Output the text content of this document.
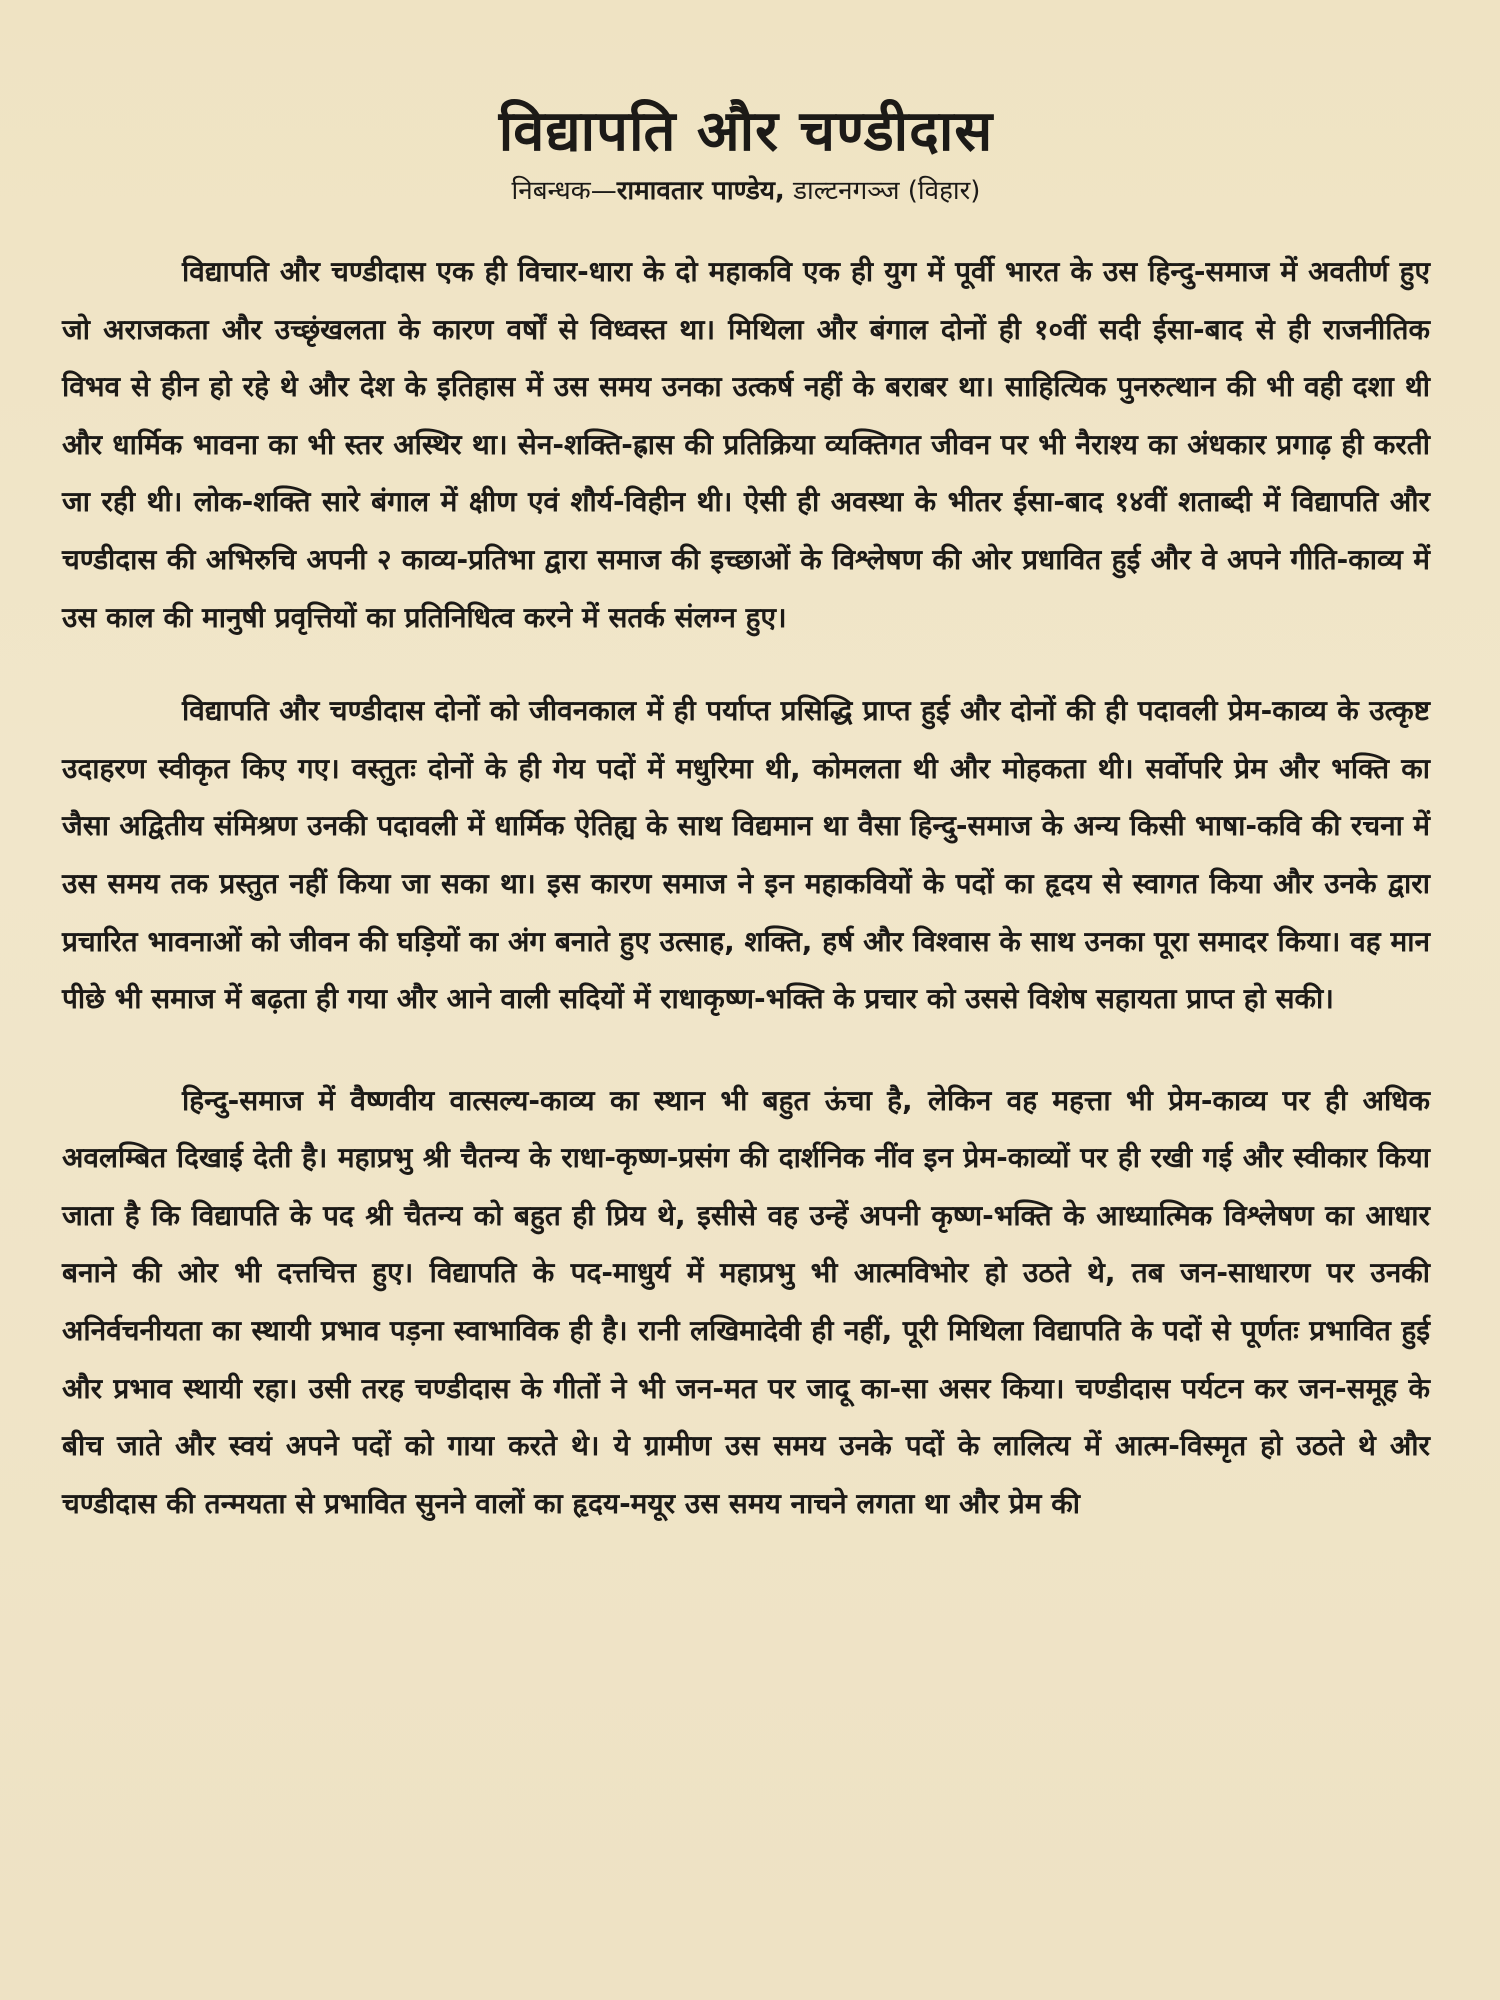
विद्यापति और चण्डीदास
निबन्धक—रामावतार पाण्डेय, डाल्टनगञ्ज (विहार)

विद्यापति और चण्डीदास एक ही विचार-धारा के दो महाकवि एक ही युग में पूर्वी भारत के उस हिन्दु-समाज में अवतीर्ण हुए जो अराजकता और उच्छृंखलता के कारण वर्षों से विध्वस्त था। मिथिला और बंगाल दोनों ही १०वीं सदी ईसा-बाद से ही राजनीतिक विभव से हीन हो रहे थे और देश के इतिहास में उस समय उनका उत्कर्ष नहीं के बराबर था। साहित्यिक पुनरुत्थान की भी वही दशा थी और धार्मिक भावना का भी स्तर अस्थिर था। सेन-शक्ति-ह्रास की प्रतिक्रिया व्यक्तिगत जीवन पर भी नैराश्य का अंधकार प्रगाढ़ ही करती जा रही थी। लोक-शक्ति सारे बंगाल में क्षीण एवं शौर्य-विहीन थी। ऐसी ही अवस्था के भीतर ईसा-बाद १४वीं शताब्दी में विद्यापति और चण्डीदास की अभिरुचि अपनी २ काव्य-प्रतिभा द्वारा समाज की इच्छाओं के विश्लेषण की ओर प्रधावित हुई और वे अपने गीति-काव्य में उस काल की मानुषी प्रवृत्तियों का प्रतिनिधित्व करने में सतर्क संलग्न हुए।

विद्यापति और चण्डीदास दोनों को जीवनकाल में ही पर्याप्त प्रसिद्धि प्राप्त हुई और दोनों की ही पदावली प्रेम-काव्य के उत्कृष्ट उदाहरण स्वीकृत किए गए। वस्तुतः दोनों के ही गेय पदों में मधुरिमा थी, कोमलता थी और मोहकता थी। सर्वोपरि प्रेम और भक्ति का जैसा अद्वितीय संमिश्रण उनकी पदावली में धार्मिक ऐतिह्य के साथ विद्यमान था वैसा हिन्दु-समाज के अन्य किसी भाषा-कवि की रचना में उस समय तक प्रस्तुत नहीं किया जा सका था। इस कारण समाज ने इन महाकवियों के पदों का हृदय से स्वागत किया और उनके द्वारा प्रचारित भावनाओं को जीवन की घड़ियों का अंग बनाते हुए उत्साह, शक्ति, हर्ष और विश्वास के साथ उनका पूरा समादर किया। वह मान पीछे भी समाज में बढ़ता ही गया और आने वाली सदियों में राधाकृष्ण-भक्ति के प्रचार को उससे विशेष सहायता प्राप्त हो सकी।

हिन्दु-समाज में वैष्णवीय वात्सल्य-काव्य का स्थान भी बहुत ऊंचा है, लेकिन वह महत्ता भी प्रेम-काव्य पर ही अधिक अवलम्बित दिखाई देती है। महाप्रभु श्री चैतन्य के राधा-कृष्ण-प्रसंग की दार्शनिक नींव इन प्रेम-काव्यों पर ही रखी गई और स्वीकार किया जाता है कि विद्यापति के पद श्री चैतन्य को बहुत ही प्रिय थे, इसीसे वह उन्हें अपनी कृष्ण-भक्ति के आध्यात्मिक विश्लेषण का आधार बनाने की ओर भी दत्तचित्त हुए। विद्यापति के पद-माधुर्य में महाप्रभु भी आत्मविभोर हो उठते थे, तब जन-साधारण पर उनकी अनिर्वचनीयता का स्थायी प्रभाव पड़ना स्वाभाविक ही है। रानी लखिमादेवी ही नहीं, पूरी मिथिला विद्यापति के पदों से पूर्णतः प्रभावित हुई और प्रभाव स्थायी रहा। उसी तरह चण्डीदास के गीतों ने भी जन-मत पर जादू का-सा असर किया। चण्डीदास पर्यटन कर जन-समूह के बीच जाते और स्वयं अपने पदों को गाया करते थे। ये ग्रामीण उस समय उनके पदों के लालित्य में आत्म-विस्मृत हो उठते थे और चण्डीदास की तन्मयता से प्रभावित सुनने वालों का हृदय-मयूर उस समय नाचने लगता था और प्रेम की
